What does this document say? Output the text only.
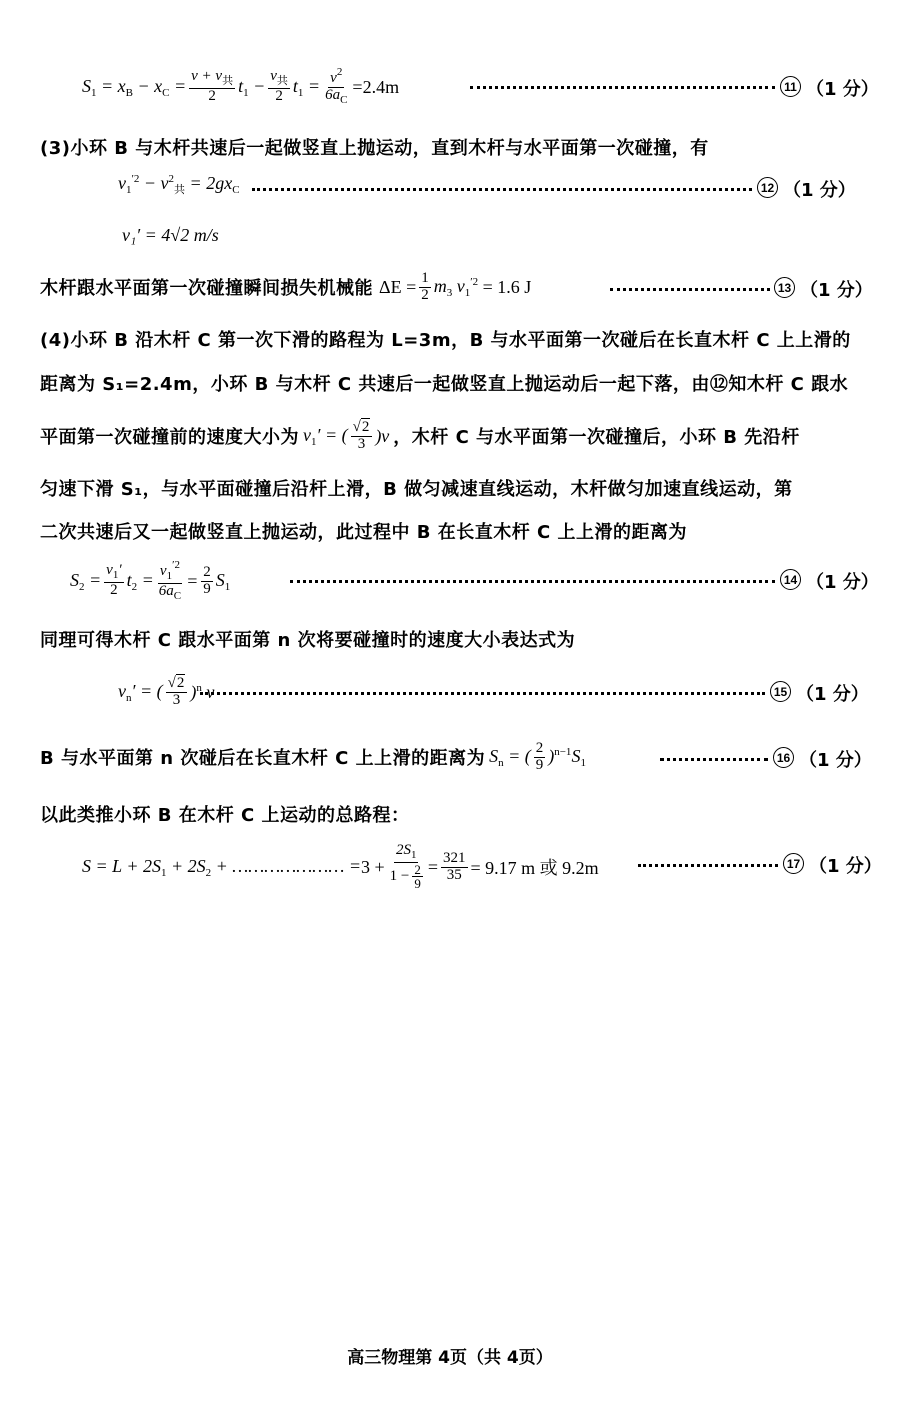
$S_1 = x_B - x_C = \frac{v + v_共}{2} t_1 - \frac{v_共}{2} t_1 = \frac{v^2}{6a_C} =2.4m$	11 （1 分）
(3)小环 B 与木杆共速后一起做竖直上抛运动，直到木杆与水平面第一次碰撞，有
$v_1^{'2} - v^2_共 = 2gx_C$	12 （1 分）
v₁′ = 4√2 m/s
木杆跟水平面第一次碰撞瞬间损失机械能 $\Delta E = \frac{1}{2} m_3$ $v_1^{'2} = 1.6$ J	13 （1 分）
(4)小环 B 沿木杆 C 第一次下滑的路程为 L=3m，B 与水平面第一次碰后在长直木杆 C 上上滑的
距离为 S₁=2.4m，小环 B 与木杆 C 共速后一起做竖直上抛运动后一起下落，由⑫知木杆 C 跟水
平面第一次碰撞前的速度大小为 $v_1'$ = ( $\frac{√2}{3} )v$ ，木杆 C 与水平面第一次碰撞后，小环 B 先沿杆
匀速下滑 S₁，与水平面碰撞后沿杆上滑，B 做匀减速直线运动，木杆做匀加速直线运动，第
二次共速后又一起做竖直上抛运动，此过程中 B 在长直木杆 C 上上滑的距离为
$S_2 = \frac{v_1'}{2} t_2 = \frac{v_1^{'2}}{6a_C} = \frac{2}{9} S_1$	14 （1 分）
同理可得木杆 C 跟水平面第 n 次将要碰撞时的速度大小表达式为
$v_n'$ = ( $\frac{√2}{3} )^n$ v	15 （1 分）
B 与水平面第 n 次碰后在长直木杆 C 上上滑的距离为 $S_n$ = ( $\frac{2}{9} )^{n-1}S_1$	16 （1 分）
以此类推小环 B 在木杆 C 上运动的总路程：
$S = L + 2S_1 + 2S_2$ + ………………… = $3 + \frac{2S_1}{1 - \frac{2}{9}} = \frac{321}{35} = 9.17$ m 或 9.2m	17 （1 分）
高三物理第 4页（共 4页）
